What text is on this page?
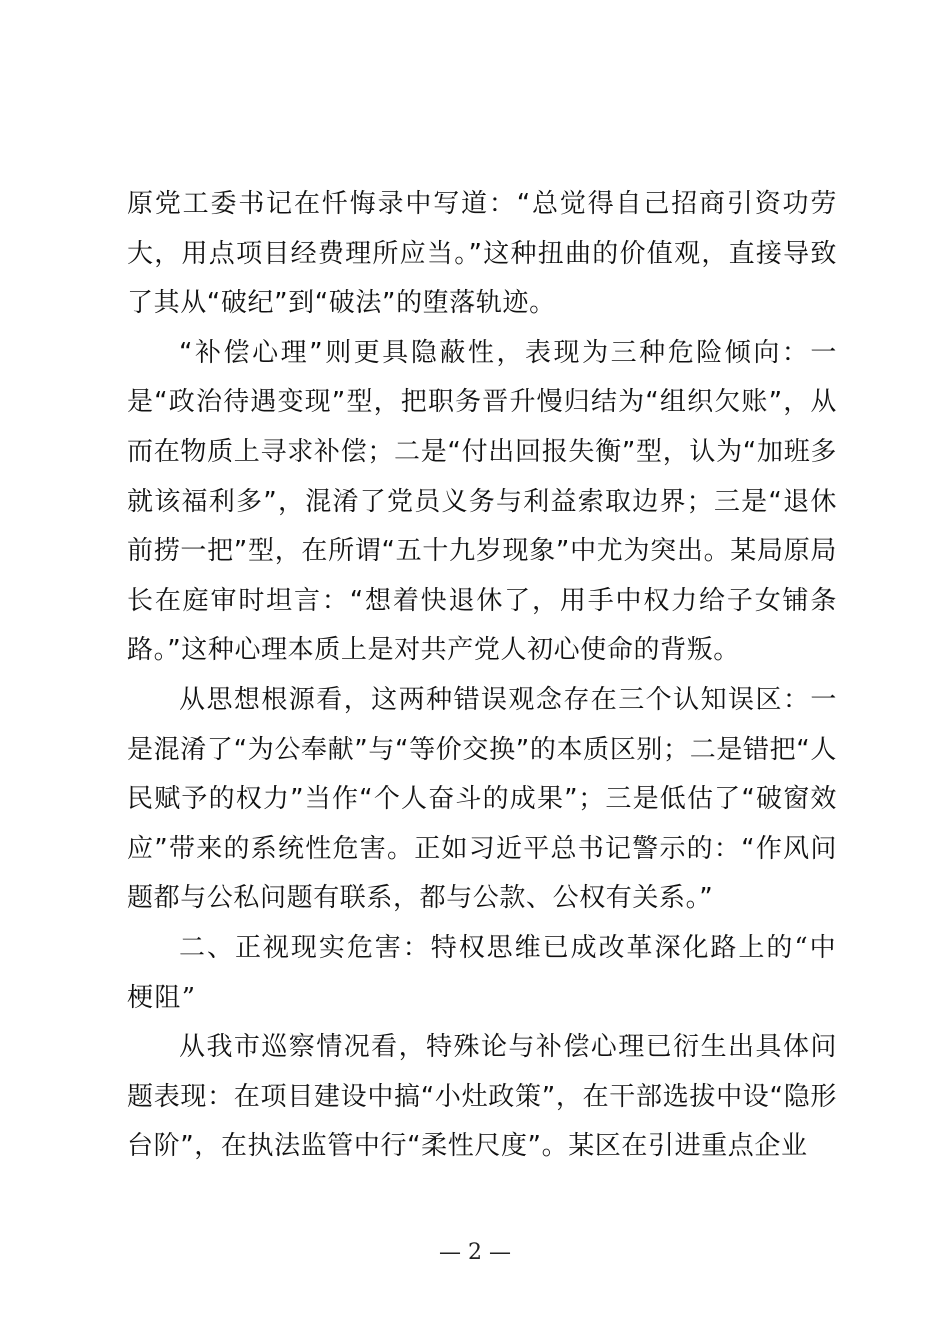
原党工委书记在忏悔录中写道：“总觉得自己招商引资功劳大，用点项目经费理所应当。”这种扭曲的价值观，直接导致了其从“破纪”到“破法”的堕落轨迹。

“补偿心理”则更具隐蔽性，表现为三种危险倾向：一是“政治待遇变现”型，把职务晋升慢归结为“组织欠账”，从而在物质上寻求补偿；二是“付出回报失衡”型，认为“加班多就该福利多”，混淆了党员义务与利益索取边界；三是“退休前捞一把”型，在所谓“五十九岁现象”中尤为突出。某局原局长在庭审时坦言：“想着快退休了，用手中权力给子女铺条路。”这种心理本质上是对共产党人初心使命的背叛。

从思想根源看，这两种错误观念存在三个认知误区：一是混淆了“为公奉献”与“等价交换”的本质区别；二是错把“人民赋予的权力”当作“个人奋斗的成果”；三是低估了“破窗效应”带来的系统性危害。正如习近平总书记警示的：“作风问题都与公私问题有联系，都与公款、公权有关系。”

二、正视现实危害：特权思维已成改革深化路上的“中梗阻”

从我市巡察情况看，特殊论与补偿心理已衍生出具体问题表现：在项目建设中搞“小灶政策”，在干部选拔中设“隐形台阶”，在执法监管中行“柔性尺度”。某区在引进重点企业

— 2 —
